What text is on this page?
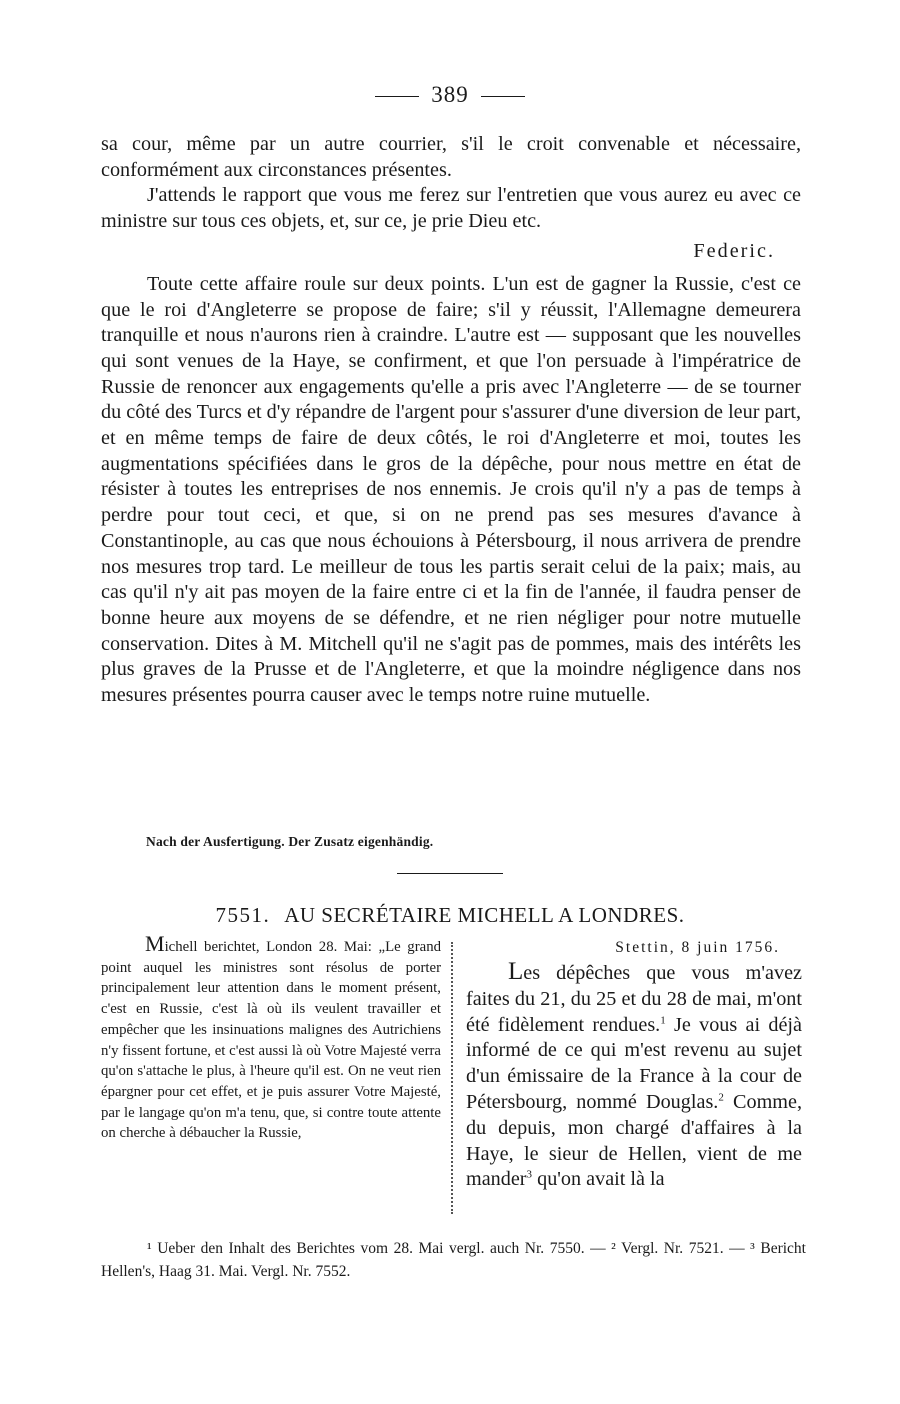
389

sa cour, même par un autre courrier, s'il le croit convenable et nécessaire, conformément aux circonstances présentes.

J'attends le rapport que vous me ferez sur l'entretien que vous aurez eu avec ce ministre sur tous ces objets, et, sur ce, je prie Dieu etc.

Federic.

Toute cette affaire roule sur deux points. L'un est de gagner la Russie, c'est ce que le roi d'Angleterre se propose de faire; s'il y réussit, l'Allemagne demeurera tranquille et nous n'aurons rien à craindre. L'autre est — supposant que les nouvelles qui sont venues de la Haye, se confirment, et que l'on persuade à l'impératrice de Russie de renoncer aux engagements qu'elle a pris avec l'Angleterre — de se tourner du côté des Turcs et d'y répandre de l'argent pour s'assurer d'une diversion de leur part, et en même temps de faire de deux côtés, le roi d'Angleterre et moi, toutes les augmentations spécifiées dans le gros de la dépêche, pour nous mettre en état de résister à toutes les entreprises de nos ennemis. Je crois qu'il n'y a pas de temps à perdre pour tout ceci, et que, si on ne prend pas ses mesures d'avance à Constantinople, au cas que nous échouions à Pétersbourg, il nous arrivera de prendre nos mesures trop tard. Le meilleur de tous les partis serait celui de la paix; mais, au cas qu'il n'y ait pas moyen de la faire entre ci et la fin de l'année, il faudra penser de bonne heure aux moyens de se défendre, et ne rien négliger pour notre mutuelle conservation. Dites à M. Mitchell qu'il ne s'agit pas de pommes, mais des intérêts les plus graves de la Prusse et de l'Angleterre, et que la moindre négligence dans nos mesures présentes pourra causer avec le temps notre ruine mutuelle.

Nach der Ausfertigung. Der Zusatz eigenhändig.
7551. AU SECRÉTAIRE MICHELL A LONDRES.
Michell berichtet, London 28. Mai: „Le grand point auquel les ministres sont résolus de porter principalement leur attention dans le moment présent, c'est en Russie, c'est là où ils veulent travailler et empêcher que les insinuations malignes des Autrichiens n'y fissent fortune, et c'est aussi là où Votre Majesté verra qu'on s'attache le plus, à l'heure qu'il est. On ne veut rien épargner pour cet effet, et je puis assurer Votre Majesté, par le langage qu'on m'a tenu, que, si contre toute attente on cherche à débaucher la Russie,
Stettin, 8 juin 1756.

Les dépêches que vous m'avez faites du 21, du 25 et du 28 de mai, m'ont été fidèlement rendues.$^1$ Je vous ai déjà informé de ce qui m'est revenu au sujet d'un émissaire de la France à la cour de Pétersbourg, nommé Douglas.$^2$ Comme, du depuis, mon chargé d'affaires à la Haye, le sieur de Hellen, vient de me mander$^3$ qu'on avait là la

¹ Ueber den Inhalt des Berichtes vom 28. Mai vergl. auch Nr. 7550. — ² Vergl. Nr. 7521. — ³ Bericht Hellen's, Haag 31. Mai. Vergl. Nr. 7552.
